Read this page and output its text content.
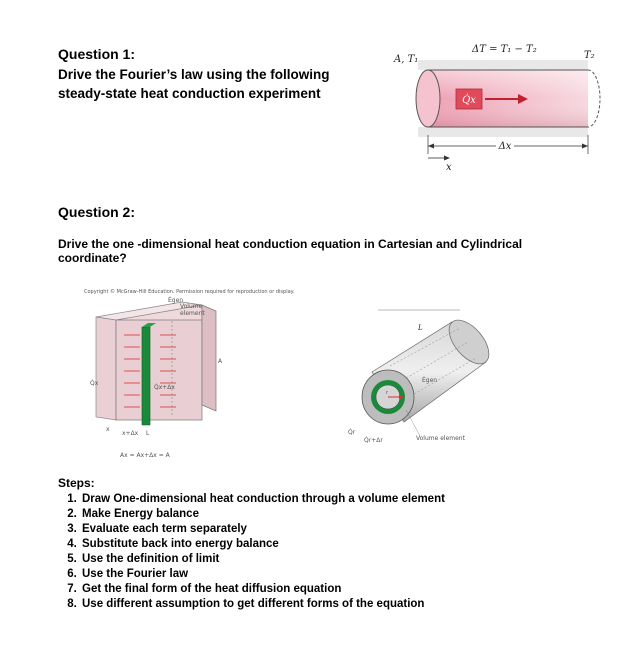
Question 1:
Drive the Fourier’s law using the following
steady-state heat conduction experiment	Q̇x
A, T₁
ΔT = T₁ − T₂
T₂
Δx
x
Question 2:
Drive the one -dimensional heat conduction equation in Cartesian and Cylindrical
coordinate?
Copyright © McGraw-Hill Education. Permission required for reproduction or display.
Ėgen
Volume
element
Q̇x
Q̇x+Δx
A
x
x+Δx L
Ax = Ax+Δx = A
L
r
Ėgen
Q̇r
Q̇r+Δr	Volume element
Steps:
1. Draw One-dimensional heat conduction through a volume element
2. Make Energy balance
3. Evaluate each term separately
4. Substitute back into energy balance
5. Use the definition of limit
6. Use the Fourier law
7. Get the final form of the heat diffusion equation
8. Use different assumption to get different forms of the equation
